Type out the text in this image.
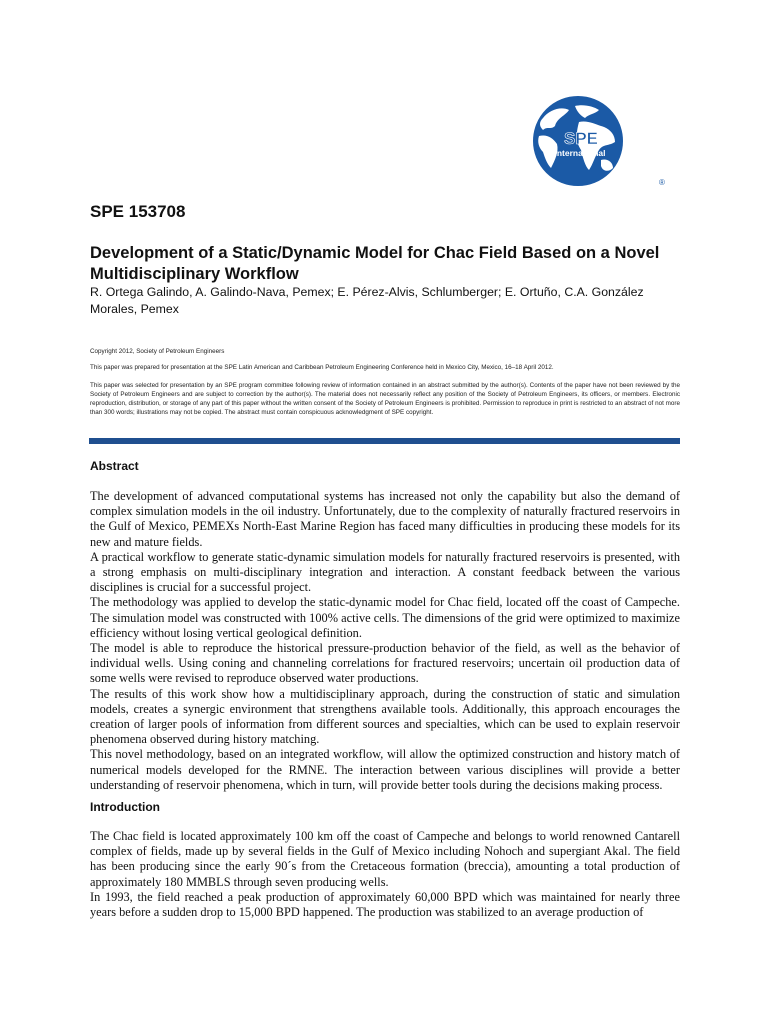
SPE
International
®
SPE 153708
Development of a Static/Dynamic Model for Chac Field Based on a Novel Multidisciplinary Workflow

R. Ortega Galindo, A. Galindo-Nava, Pemex; E. Pérez-Alvis, Schlumberger; E. Ortuño, C.A. González Morales, Pemex

Copyright 2012, Society of Petroleum Engineers

This paper was prepared for presentation at the SPE Latin American and Caribbean Petroleum Engineering Conference held in Mexico City, Mexico, 16–18 April 2012.

This paper was selected for presentation by an SPE program committee following review of information contained in an abstract submitted by the author(s). Contents of the paper have not been reviewed by the Society of Petroleum Engineers and are subject to correction by the author(s). The material does not necessarily reflect any position of the Society of Petroleum Engineers, its officers, or members. Electronic reproduction, distribution, or storage of any part of this paper without the written consent of the Society of Petroleum Engineers is prohibited. Permission to reproduce in print is restricted to an abstract of not more than 300 words; illustrations may not be copied. The abstract must contain conspicuous acknowledgment of SPE copyright.

Abstract

The development of advanced computational systems has increased not only the capability but also the demand of complex simulation models in the oil industry. Unfortunately, due to the complexity of naturally fractured reservoirs in the Gulf of Mexico, PEMEXs North-East Marine Region has faced many difficulties in producing these models for its new and mature fields.

A practical workflow to generate static-dynamic simulation models for naturally fractured reservoirs is presented, with a strong emphasis on multi-disciplinary integration and interaction. A constant feedback between the various disciplines is crucial for a successful project.

The methodology was applied to develop the static-dynamic model for Chac field, located off the coast of Campeche. The simulation model was constructed with 100% active cells. The dimensions of the grid were optimized to maximize efficiency without losing vertical geological definition.

The model is able to reproduce the historical pressure-production behavior of the field, as well as the behavior of individual wells. Using coning and channeling correlations for fractured reservoirs; uncertain oil production data of some wells were revised to reproduce observed water productions.

The results of this work show how a multidisciplinary approach, during the construction of static and simulation models, creates a synergic environment that strengthens available tools. Additionally, this approach encourages the creation of larger pools of information from different sources and specialties, which can be used to explain reservoir phenomena observed during history matching.

This novel methodology, based on an integrated workflow, will allow the optimized construction and history match of numerical models developed for the RMNE. The interaction between various disciplines will provide a better understanding of reservoir phenomena, which in turn, will provide better tools during the decisions making process.

Introduction

The Chac field is located approximately 100 km off the coast of Campeche and belongs to world renowned Cantarell complex of fields, made up by several fields in the Gulf of Mexico including Nohoch and supergiant Akal. The field has been producing since the early 90´s from the Cretaceous formation (breccia), amounting a total production of approximately 180 MMBLS through seven producing wells.

In 1993, the field reached a peak production of approximately 60,000 BPD which was maintained for nearly three years before a sudden drop to 15,000 BPD happened. The production was stabilized to an average production of
